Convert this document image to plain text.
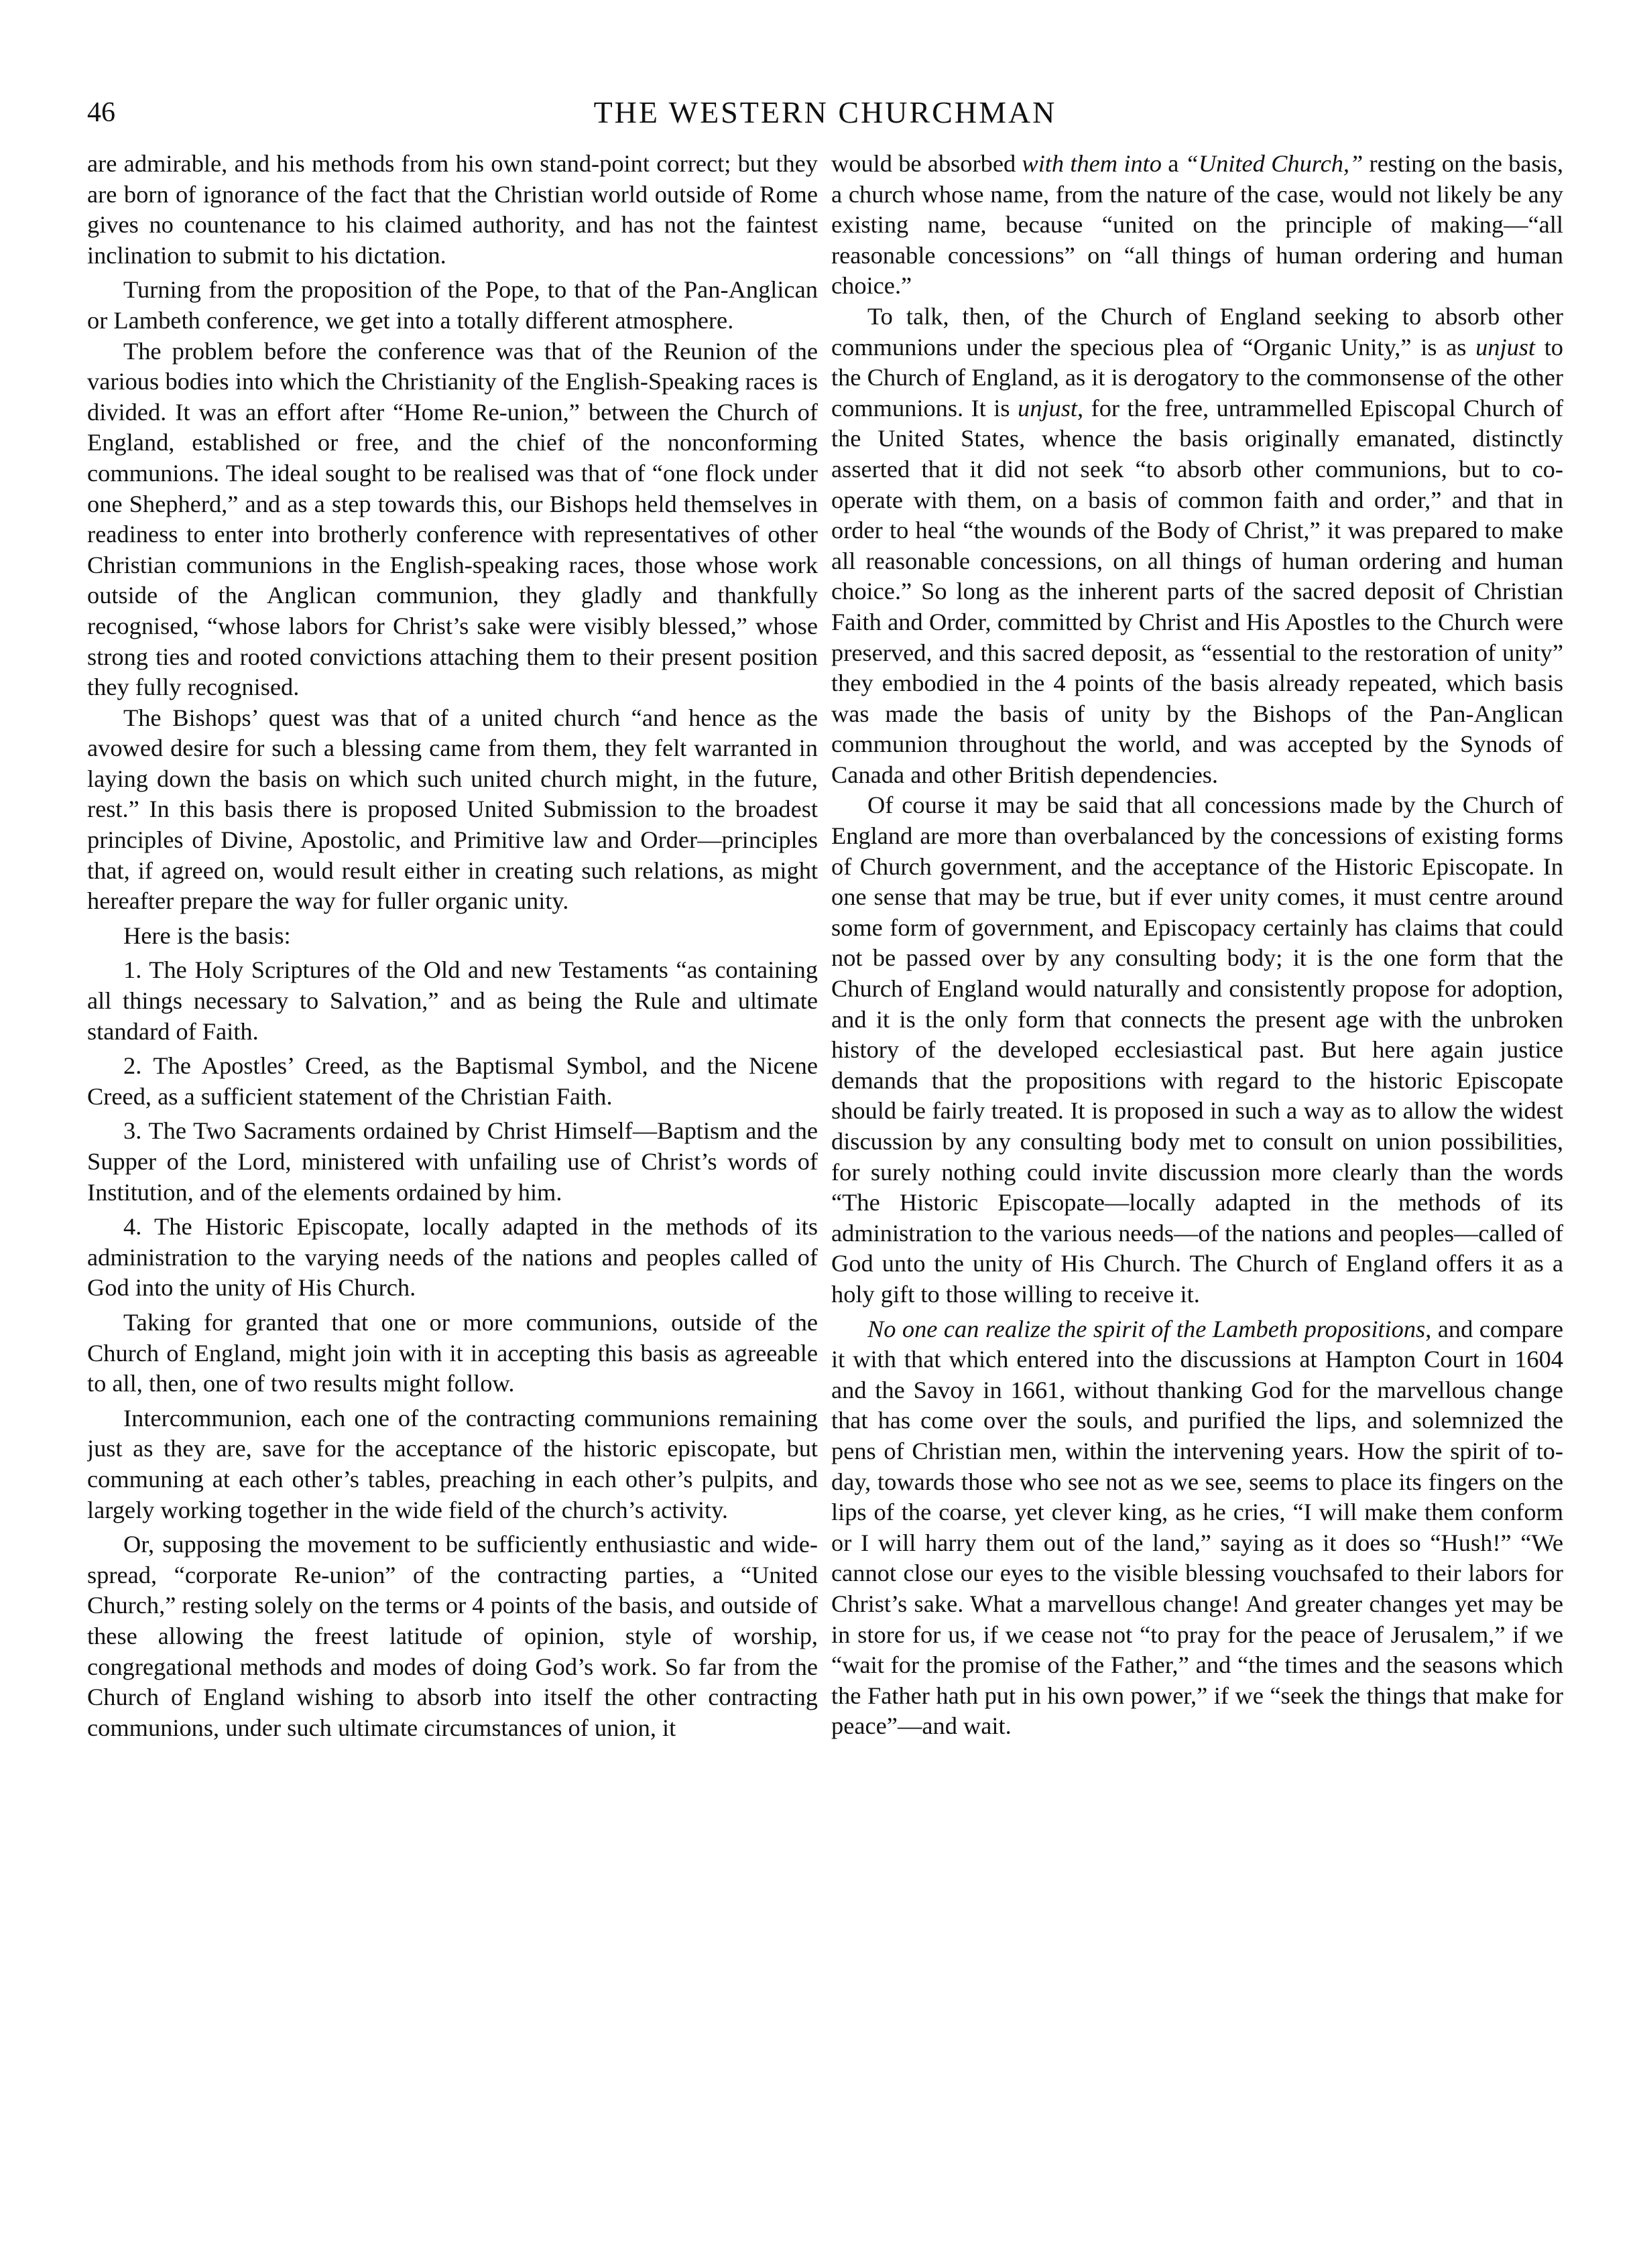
46	THE WESTERN CHURCHMAN

are admirable, and his methods from his own stand-point correct; but they are born of ignorance of the fact that the Christian world outside of Rome gives no countenance to his claimed authority, and has not the faintest inclination to submit to his dictation.

Turning from the proposition of the Pope, to that of the Pan-Anglican or Lambeth conference, we get into a totally different atmosphere.

The problem before the conference was that of the Reunion of the various bodies into which the Christianity of the English-Speaking races is divided. It was an effort after “Home Re-union,” between the Church of England, established or free, and the chief of the nonconforming communions. The ideal sought to be realised was that of “one flock under one Shepherd,” and as a step towards this, our Bishops held themselves in readiness to enter into brotherly conference with representatives of other Christian communions in the English-speaking races, those whose work outside of the Anglican communion, they gladly and thankfully recognised, “whose labors for Christ’s sake were visibly blessed,” whose strong ties and rooted convictions attaching them to their present position they fully recognised.

The Bishops’ quest was that of a united church “and hence as the avowed desire for such a blessing came from them, they felt warranted in laying down the basis on which such united church might, in the future, rest.” In this basis there is proposed United Submission to the broadest principles of Divine, Apostolic, and Primitive law and Order—principles that, if agreed on, would result either in creating such relations, as might hereafter prepare the way for fuller organic unity.

Here is the basis:

1. The Holy Scriptures of the Old and new Testaments “as containing all things necessary to Salvation,” and as being the Rule and ultimate standard of Faith.

2. The Apostles’ Creed, as the Baptismal Symbol, and the Nicene Creed, as a sufficient statement of the Christian Faith.

3. The Two Sacraments ordained by Christ Himself—Baptism and the Supper of the Lord, ministered with unfailing use of Christ’s words of Institution, and of the elements ordained by him.

4. The Historic Episcopate, locally adapted in the methods of its administration to the varying needs of the nations and peoples called of God into the unity of His Church.

Taking for granted that one or more communions, outside of the Church of England, might join with it in accepting this basis as agreeable to all, then, one of two results might follow.

Intercommunion, each one of the contracting communions remaining just as they are, save for the acceptance of the historic episcopate, but communing at each other’s tables, preaching in each other’s pulpits, and largely working together in the wide field of the church’s activity.

Or, supposing the movement to be sufficiently enthusiastic and wide-spread, “corporate Re-union” of the contracting parties, a “United Church,” resting solely on the terms or 4 points of the basis, and outside of these allowing the freest latitude of opinion, style of worship, congregational methods and modes of doing God’s work. So far from the Church of England wishing to absorb into itself the other contracting communions, under such ultimate circumstances of union, it

would be absorbed with them into a “United Church,” resting on the basis, a church whose name, from the nature of the case, would not likely be any existing name, because “united on the principle of making—“all reasonable concessions” on “all things of human ordering and human choice.”

To talk, then, of the Church of England seeking to absorb other communions under the specious plea of “Organic Unity,” is as unjust to the Church of England, as it is derogatory to the commonsense of the other communions. It is unjust, for the free, untrammelled Episcopal Church of the United States, whence the basis originally emanated, distinctly asserted that it did not seek “to absorb other communions, but to co-operate with them, on a basis of common faith and order,” and that in order to heal “the wounds of the Body of Christ,” it was prepared to make all reasonable concessions, on all things of human ordering and human choice.” So long as the inherent parts of the sacred deposit of Christian Faith and Order, committed by Christ and His Apostles to the Church were preserved, and this sacred deposit, as “essential to the restoration of unity” they embodied in the 4 points of the basis already repeated, which basis was made the basis of unity by the Bishops of the Pan-Anglican communion throughout the world, and was accepted by the Synods of Canada and other British dependencies.

Of course it may be said that all concessions made by the Church of England are more than overbalanced by the concessions of existing forms of Church government, and the acceptance of the Historic Episcopate. In one sense that may be true, but if ever unity comes, it must centre around some form of government, and Episcopacy certainly has claims that could not be passed over by any consulting body; it is the one form that the Church of England would naturally and consistently propose for adoption, and it is the only form that connects the present age with the unbroken history of the developed ecclesiastical past. But here again justice demands that the propositions with regard to the historic Episcopate should be fairly treated. It is proposed in such a way as to allow the widest discussion by any consulting body met to consult on union possibilities, for surely nothing could invite discussion more clearly than the words “The Historic Episcopate—locally adapted in the methods of its administration to the various needs—of the nations and peoples—called of God unto the unity of His Church. The Church of England offers it as a holy gift to those willing to receive it.

No one can realize the spirit of the Lambeth propositions, and compare it with that which entered into the discussions at Hampton Court in 1604 and the Savoy in 1661, without thanking God for the marvellous change that has come over the souls, and purified the lips, and solemnized the pens of Christian men, within the intervening years. How the spirit of to-day, towards those who see not as we see, seems to place its fingers on the lips of the coarse, yet clever king, as he cries, “I will make them conform or I will harry them out of the land,” saying as it does so “Hush!” “We cannot close our eyes to the visible blessing vouchsafed to their labors for Christ’s sake. What a marvellous change! And greater changes yet may be in store for us, if we cease not “to pray for the peace of Jerusalem,” if we “wait for the promise of the Father,” and “the times and the seasons which the Father hath put in his own power,” if we “seek the things that make for peace”—and wait.
